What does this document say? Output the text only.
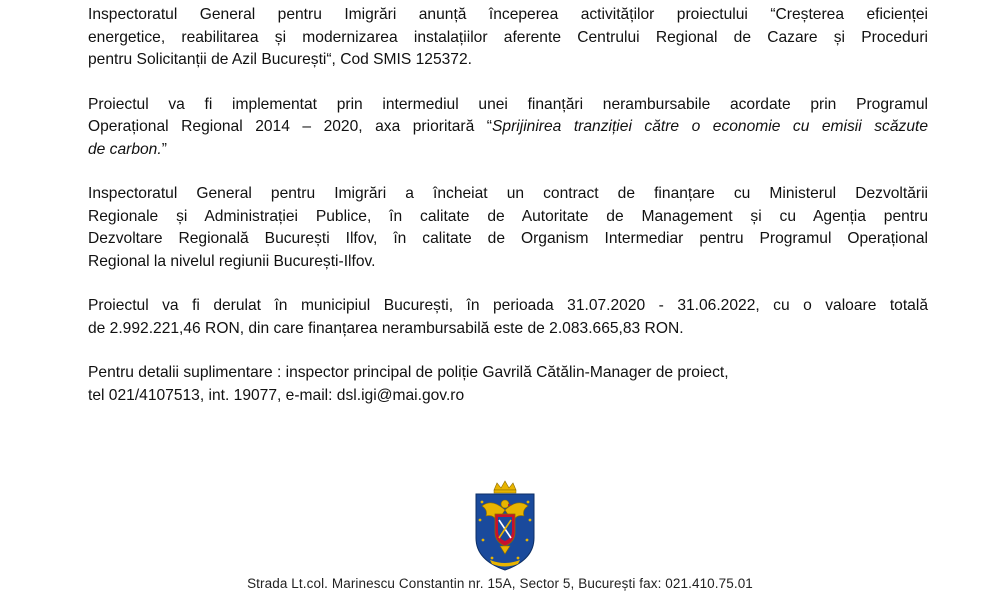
Inspectoratul General pentru Imigrări anunță începerea activităților proiectului “Creșterea eficienței
energetice, reabilitarea și modernizarea instalațiilor aferente Centrului Regional de Cazare și Proceduri
pentru Solicitanții de Azil București“, Cod SMIS 125372.

Proiectul va fi implementat prin intermediul unei finanțări nerambursabile acordate prin Programul
Operațional Regional 2014 – 2020, axa prioritară “Sprijinirea tranziției către o economie cu emisii scăzute
de carbon.”

Inspectoratul General pentru Imigrări a încheiat un contract de finanțare cu Ministerul Dezvoltării
Regionale și Administrației Publice, în calitate de Autoritate de Management și cu Agenția pentru
Dezvoltare Regională București Ilfov, în calitate de Organism Intermediar pentru Programul Operațional
Regional la nivelul regiunii București-Ilfov.

Proiectul va fi derulat în municipiul București, în perioada 31.07.2020 - 31.06.2022, cu o valoare totală
de 2.992.221,46 RON, din care finanțarea nerambursabilă este de 2.083.665,83 RON.

Pentru detalii suplimentare : inspector principal de poliție Gavrilă Cătălin-Manager de proiect,
tel 021/4107513, int. 19077, e-mail: dsl.igi@mai.gov.ro

Strada Lt.col. Marinescu Constantin nr. 15A, Sector 5, București fax: 021.410.75.01
